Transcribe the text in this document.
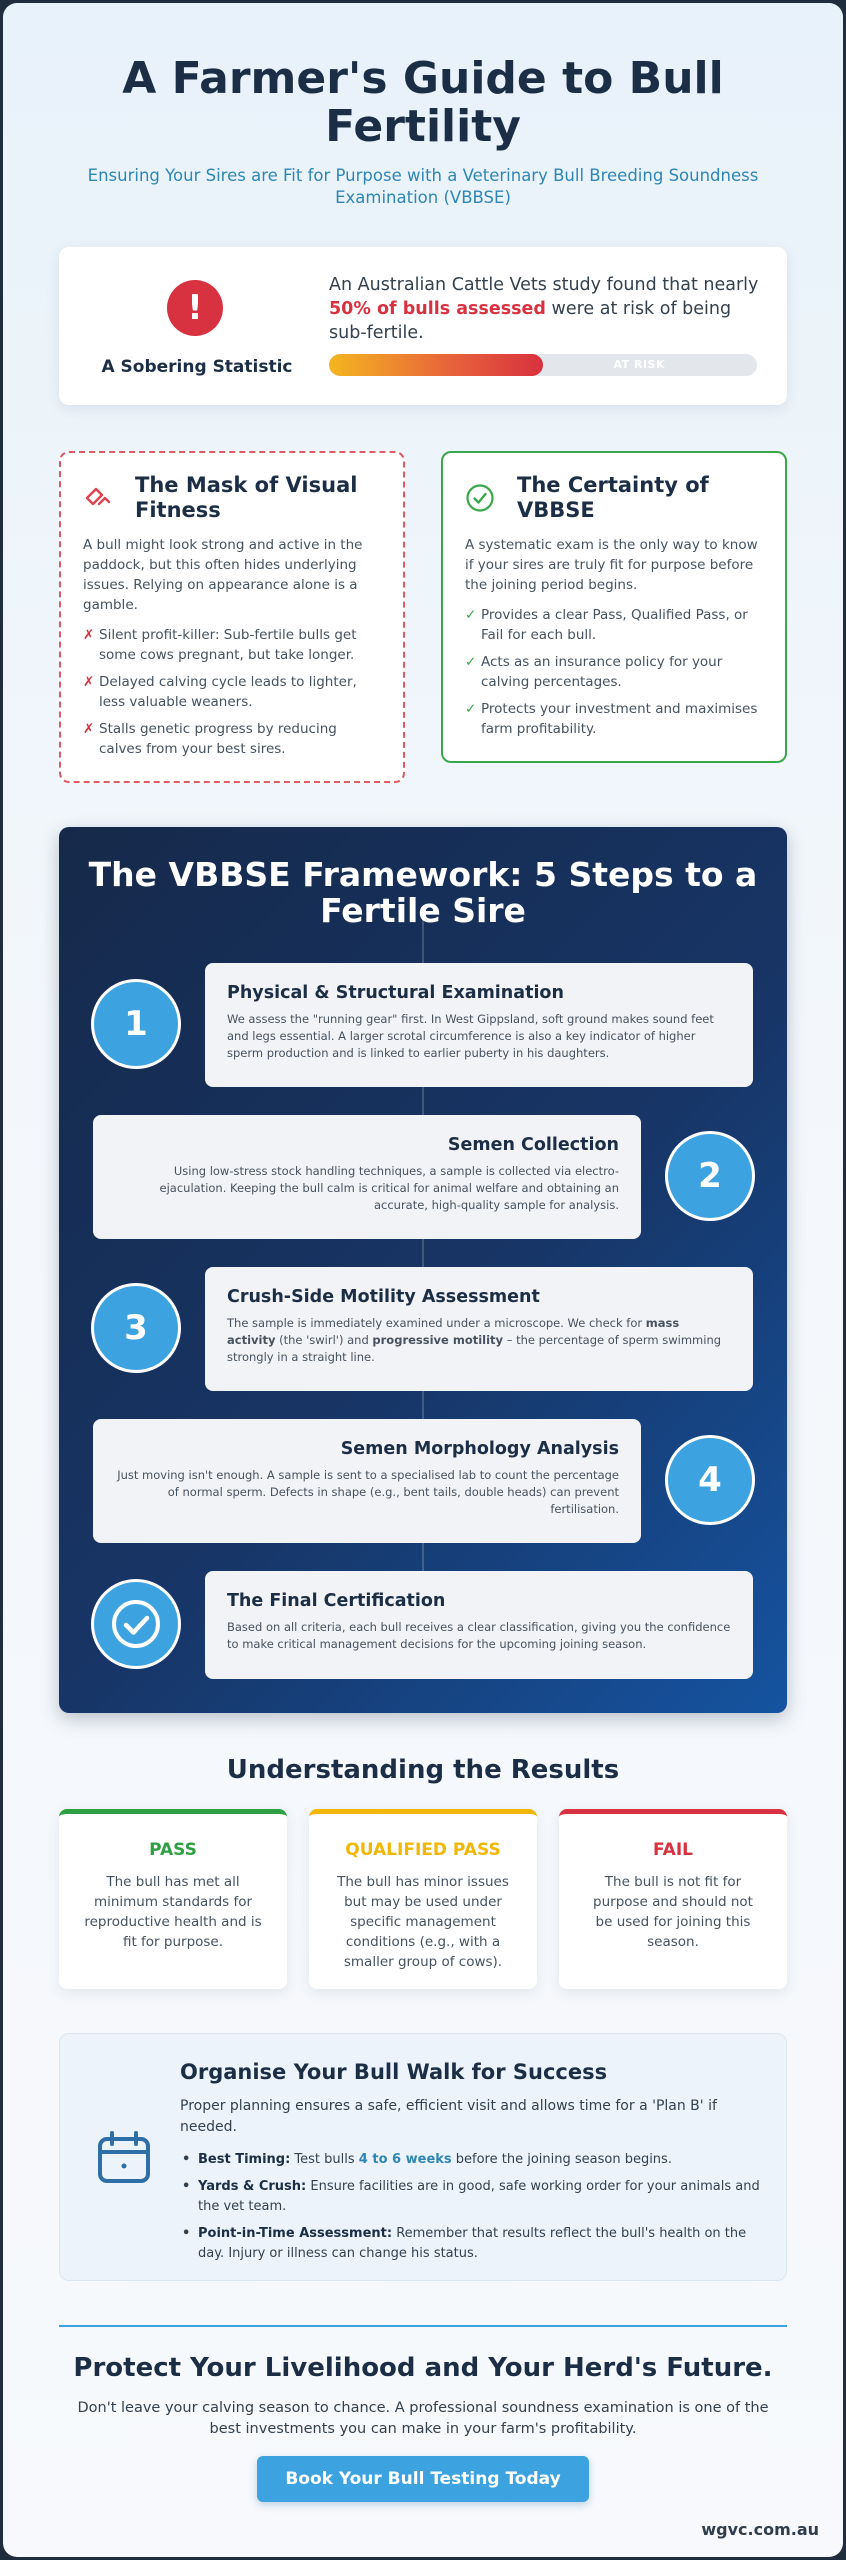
A Farmer's Guide to Bull Fertility
Ensuring Your Sires are Fit for Purpose with a Veterinary Bull Breeding Soundness Examination (VBBSE)
!
A Sobering Statistic
An Australian Cattle Vets study found that nearly 50% of bulls assessed were at risk of being sub-fertile.
AT RISK
The Mask of Visual Fitness
A bull might look strong and active in the paddock, but this often hides underlying issues. Relying on appearance alone is a gamble.
✗ Silent profit-killer: Sub-fertile bulls get some cows pregnant, but take longer.
✗ Delayed calving cycle leads to lighter, less valuable weaners.
✗ Stalls genetic progress by reducing calves from your best sires.
The Certainty of VBBSE
A systematic exam is the only way to know if your sires are truly fit for purpose before the joining period begins.
✓ Provides a clear Pass, Qualified Pass, or Fail for each bull.
✓ Acts as an insurance policy for your calving percentages.
✓ Protects your investment and maximises farm profitability.
The VBBSE Framework: 5 Steps to a Fertile Sire
1
Physical & Structural Examination
We assess the "running gear" first. In West Gippsland, soft ground makes sound feet and legs essential. A larger scrotal circumference is also a key indicator of higher sperm production and is linked to earlier puberty in his daughters.
Semen Collection
Using low-stress stock handling techniques, a sample is collected via electro-ejaculation. Keeping the bull calm is critical for animal welfare and obtaining an accurate, high-quality sample for analysis.
2
3
Crush-Side Motility Assessment
The sample is immediately examined under a microscope. We check for mass activity (the 'swirl') and progressive motility – the percentage of sperm swimming strongly in a straight line.
Semen Morphology Analysis
Just moving isn't enough. A sample is sent to a specialised lab to count the percentage of normal sperm. Defects in shape (e.g., bent tails, double heads) can prevent fertilisation.
4
The Final Certification
Based on all criteria, each bull receives a clear classification, giving you the confidence to make critical management decisions for the upcoming joining season.
Understanding the Results
PASS
The bull has met all minimum standards for reproductive health and is fit for purpose.
QUALIFIED PASS
The bull has minor issues but may be used under specific management conditions (e.g., with a smaller group of cows).
FAIL
The bull is not fit for purpose and should not be used for joining this season.
Organise Your Bull Walk for Success
Proper planning ensures a safe, efficient visit and allows time for a 'Plan B' if needed.
• Best Timing: Test bulls 4 to 6 weeks before the joining season begins.
• Yards & Crush: Ensure facilities are in good, safe working order for your animals and the vet team.
• Point-in-Time Assessment: Remember that results reflect the bull's health on the day. Injury or illness can change his status.
Protect Your Livelihood and Your Herd's Future.
Don't leave your calving season to chance. A professional soundness examination is one of the best investments you can make in your farm's profitability.
Book Your Bull Testing Today
wgvc.com.au
